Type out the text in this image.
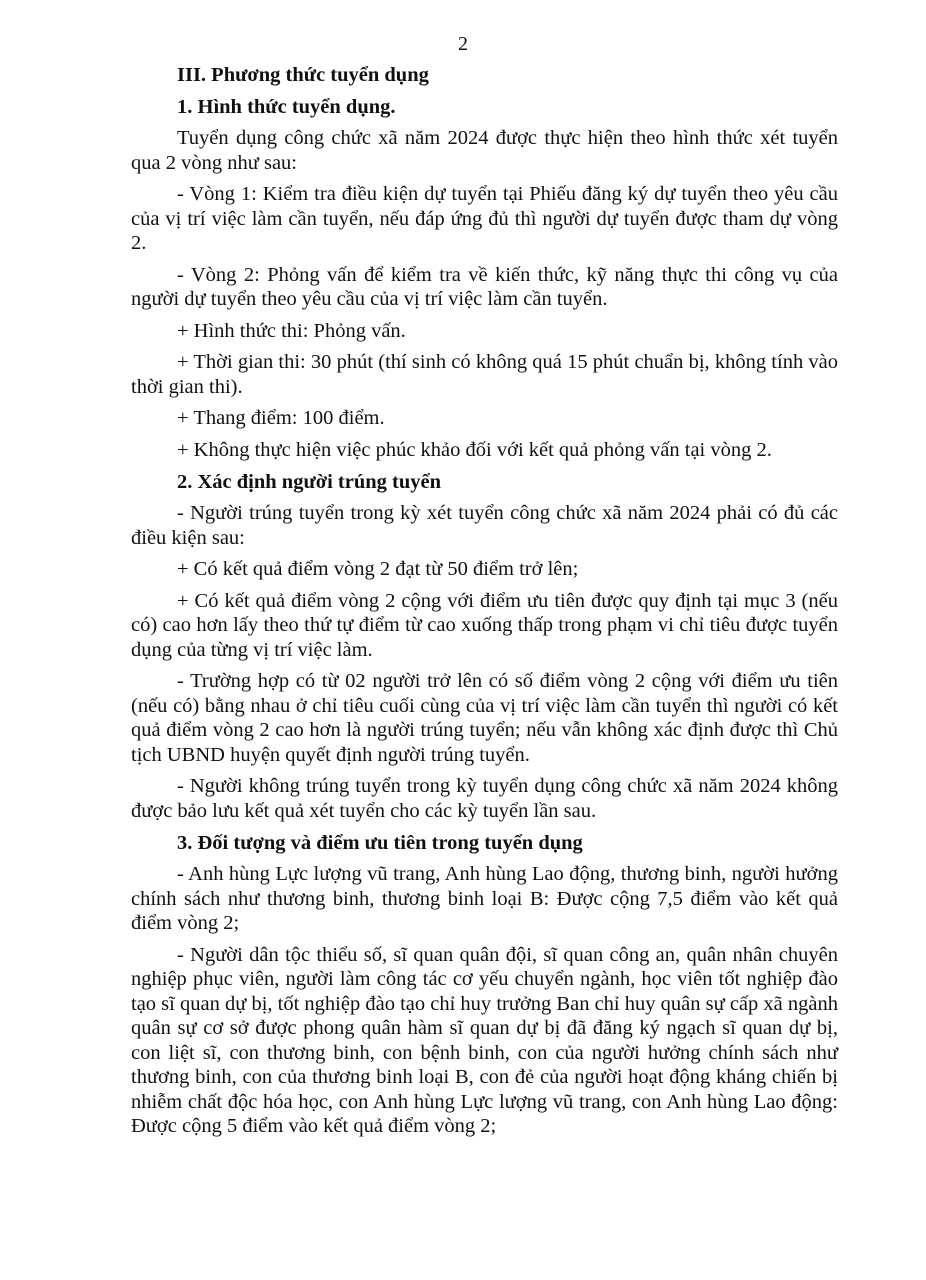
2
III. Phương thức tuyển dụng
1. Hình thức tuyển dụng.

Tuyển dụng công chức xã năm 2024 được thực hiện theo hình thức xét tuyển qua 2 vòng như sau:

- Vòng 1: Kiểm tra điều kiện dự tuyển tại Phiếu đăng ký dự tuyển theo yêu cầu của vị trí việc làm cần tuyển, nếu đáp ứng đủ thì người dự tuyển được tham dự vòng 2.

- Vòng 2: Phỏng vấn để kiểm tra về kiến thức, kỹ năng thực thi công vụ của người dự tuyển theo yêu cầu của vị trí việc làm cần tuyển.

+ Hình thức thi: Phỏng vấn.

+ Thời gian thi: 30 phút (thí sinh có không quá 15 phút chuẩn bị, không tính vào thời gian thi).

+ Thang điểm: 100 điểm.

+ Không thực hiện việc phúc khảo đối với kết quả phỏng vấn tại vòng 2.

2. Xác định người trúng tuyển

- Người trúng tuyển trong kỳ xét tuyển công chức xã năm 2024 phải có đủ các điều kiện sau:

+ Có kết quả điểm vòng 2 đạt từ 50 điểm trở lên;

+ Có kết quả điểm vòng 2 cộng với điểm ưu tiên được quy định tại mục 3 (nếu có) cao hơn lấy theo thứ tự điểm từ cao xuống thấp trong phạm vi chỉ tiêu được tuyển dụng của từng vị trí việc làm.

- Trường hợp có từ 02 người trở lên có số điểm vòng 2 cộng với điểm ưu tiên (nếu có) bằng nhau ở chỉ tiêu cuối cùng của vị trí việc làm cần tuyển thì người có kết quả điểm vòng 2 cao hơn là người trúng tuyển; nếu vẫn không xác định được thì Chủ tịch UBND huyện quyết định người trúng tuyển.

- Người không trúng tuyển trong kỳ tuyển dụng công chức xã năm 2024 không được bảo lưu kết quả xét tuyển cho các kỳ tuyển lần sau.

3. Đối tượng và điểm ưu tiên trong tuyển dụng

- Anh hùng Lực lượng vũ trang, Anh hùng Lao động, thương binh, người hưởng chính sách như thương binh, thương binh loại B: Được cộng 7,5 điểm vào kết quả điểm vòng 2;

- Người dân tộc thiểu số, sĩ quan quân đội, sĩ quan công an, quân nhân chuyên nghiệp phục viên, người làm công tác cơ yếu chuyển ngành, học viên tốt nghiệp đào tạo sĩ quan dự bị, tốt nghiệp đào tạo chỉ huy trưởng Ban chỉ huy quân sự cấp xã ngành quân sự cơ sở được phong quân hàm sĩ quan dự bị đã đăng ký ngạch sĩ quan dự bị, con liệt sĩ, con thương binh, con bệnh binh, con của người hưởng chính sách như thương binh, con của thương binh loại B, con đẻ của người hoạt động kháng chiến bị nhiễm chất độc hóa học, con Anh hùng Lực lượng vũ trang, con Anh hùng Lao động: Được cộng 5 điểm vào kết quả điểm vòng 2;
